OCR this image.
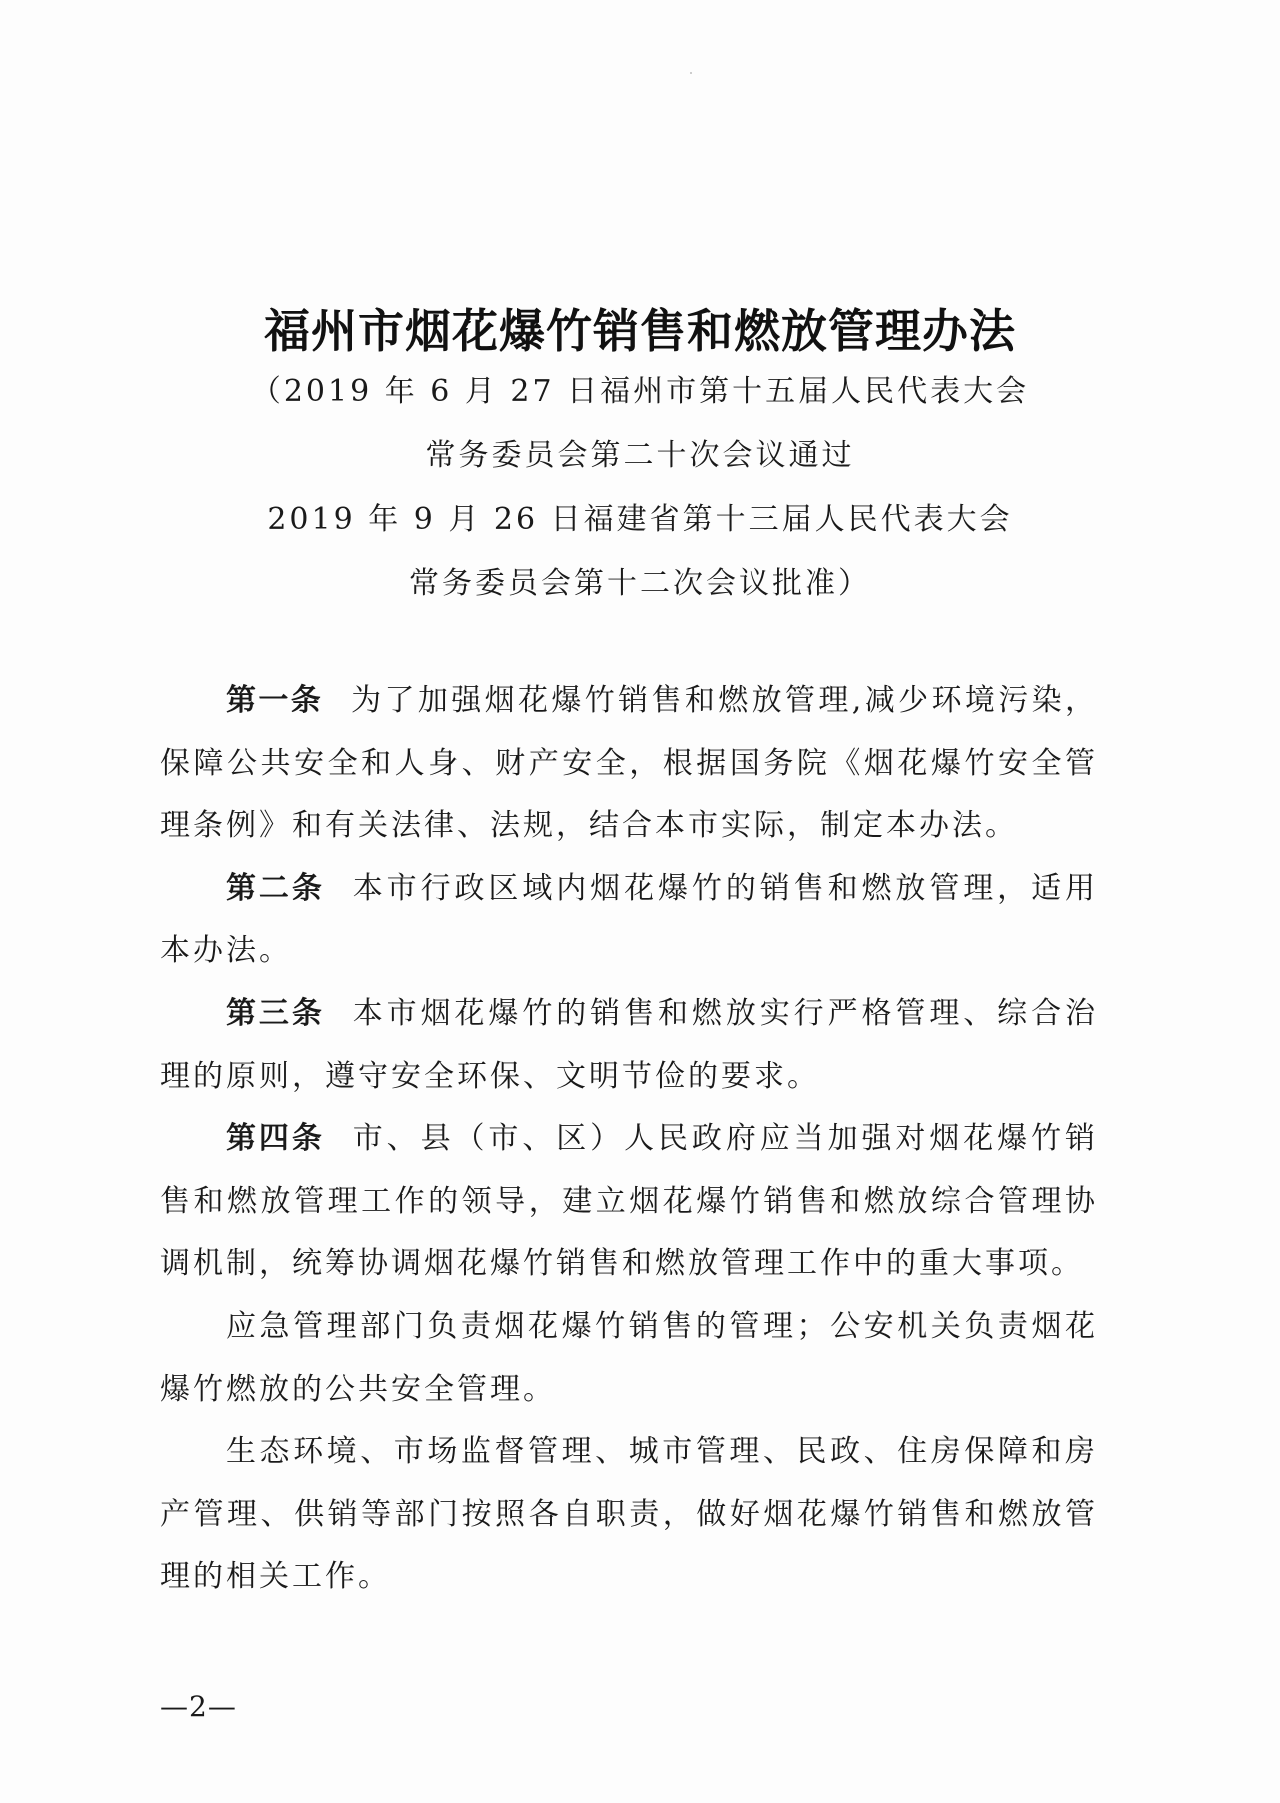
福州市烟花爆竹销售和燃放管理办法
（2019 年 6 月 27 日福州市第十五届人民代表大会
常务委员会第二十次会议通过
2019 年 9 月 26 日福建省第十三届人民代表大会
常务委员会第十二次会议批准）

第一条 为了加强烟花爆竹销售和燃放管理,减少环境污染，保障公共安全和人身、财产安全，根据国务院《烟花爆竹安全管理条例》和有关法律、法规，结合本市实际，制定本办法。

第二条 本市行政区域内烟花爆竹的销售和燃放管理，适用本办法。

第三条 本市烟花爆竹的销售和燃放实行严格管理、综合治理的原则，遵守安全环保、文明节俭的要求。

第四条 市、县（市、区）人民政府应当加强对烟花爆竹销售和燃放管理工作的领导，建立烟花爆竹销售和燃放综合管理协调机制，统筹协调烟花爆竹销售和燃放管理工作中的重大事项。

应急管理部门负责烟花爆竹销售的管理；公安机关负责烟花爆竹燃放的公共安全管理。

生态环境、市场监督管理、城市管理、民政、住房保障和房产管理、供销等部门按照各自职责，做好烟花爆竹销售和燃放管理的相关工作。

—2—
